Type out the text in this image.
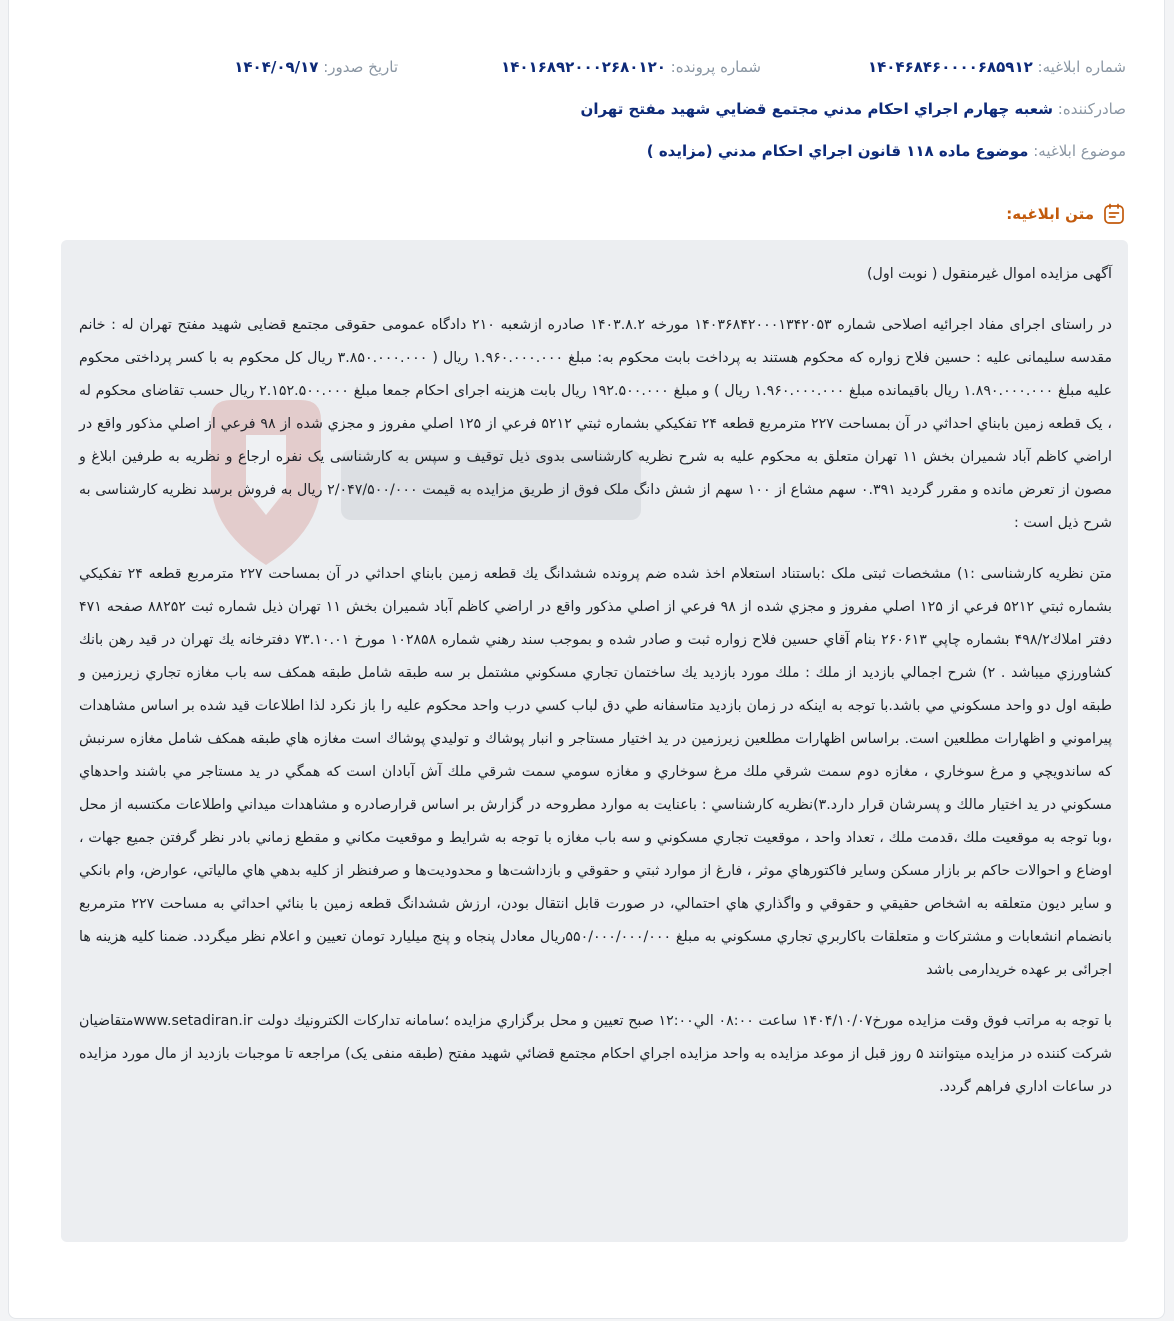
شماره ابلاغیه: ۱۴۰۴۶۸۴۶۰۰۰۰۶۸۵۹۱۲
شماره پرونده: ۱۴۰۱۶۸۹۲۰۰۰۲۶۸۰۱۲۰
تاریخ صدور: ۱۴۰۴/۰۹/۱۷
صادرکننده:

شعبه چهارم اجراي احكام مدني مجتمع قضايي شهيد مفتح تهران
موضوع ابلاغیه:

موضوع ماده ۱۱۸ قانون اجراي احكام مدني (مزايده )
متن ابلاغیه:

آگهی مزایده اموال غیرمنقول ( نوبت اول)

در راستای اجرای مفاد اجرائیه اصلاحی شماره ۱۴۰۳۶۸۴۲۰۰۰۱۳۴۲۰۵۳ مورخه ۱۴۰۳.۸.۲ صادره ازشعبه ۲۱۰ دادگاه عمومی حقوقی مجتمع قضایی شهید مفتح تهران له : خانم مقدسه سلیمانی علیه : حسین فلاح زواره که محکوم هستند به پرداخت بابت محکوم به: مبلغ ۱.۹۶۰.۰۰۰.۰۰۰ ریال ( ۳.۸۵۰.۰۰۰.۰۰۰ ریال کل محکوم به با کسر پرداختی محکوم علیه مبلغ ۱.۸۹۰.۰۰۰.۰۰۰ ریال باقیمانده مبلغ ۱.۹۶۰.۰۰۰.۰۰۰ ریال ) و مبلغ ۱۹۲.۵۰۰.۰۰۰ ریال بابت هزینه اجرای احکام جمعا مبلغ ۲.۱۵۲.۵۰۰.۰۰۰ ریال حسب تقاضای محکوم له ، یک قطعه زمین بابناي احداثي در آن بمساحت ۲۲۷ مترمربع قطعه ۲۴ تفكيكي بشماره ثبتي ۵۲۱۲ فرعي از ۱۲۵ اصلي مفروز و مجزي شده از ۹۸ فرعي از اصلي مذكور واقع در اراضي كاظم آباد شميران بخش ۱۱ تهران متعلق به محکوم علیه به شرح نظریه کارشناسی بدوی ذیل توقیف و سپس به کارشناسی یک نفره ارجاع و نظریه به طرفین ابلاغ و مصون از تعرض مانده و مقرر گردید ۰.۳۹۱ سهم مشاع از ۱۰۰ سهم از شش دانگ ملک فوق از طریق مزایده به قیمت ۲/۰۴۷/۵۰۰/۰۰۰ ریال به فروش برسد نظریه کارشناسی به شرح ذیل است :

متن نظریه کارشناسی :۱) مشخصات ثبتی ملک :باستناد استعلام اخذ شده ضم پرونده ششدانگ يك قطعه زمين بابناي احداثي در آن بمساحت ۲۲۷ مترمربع قطعه ۲۴ تفكيكي بشماره ثبتي ۵۲۱۲ فرعي از ۱۲۵ اصلي مفروز و مجزي شده از ۹۸ فرعي از اصلي مذكور واقع در اراضي كاظم آباد شميران بخش ۱۱ تهران ذيل شماره ثبت ۸۸۲۵۲ صفحه ۴۷۱ دفتر املاك۴۹۸/۲ بشماره چاپي ۲۶۰۶۱۳ بنام آقاي حسين فلاح زواره ثبت و صادر شده و بموجب سند رهني شماره ۱۰۲۸۵۸ مورخ ۷۳.۱۰.۰۱ دفترخانه يك تهران در قيد رهن بانك كشاورزي ميباشد . ۲) شرح اجمالي بازديد از ملك : ملك مورد بازديد يك ساختمان تجاري مسكوني مشتمل بر سه طبقه شامل طبقه همكف سه باب مغازه تجاري زيرزمين و طبقه اول دو واحد مسكوني مي باشد.با توجه به اينكه در زمان بازديد متاسفانه طي دق لباب كسي درب واحد محكوم عليه را باز نكرد لذا اطلاعات قيد شده بر اساس مشاهدات پيراموني و اظهارات مطلعين است. براساس اظهارات مطلعين زيرزمين در يد اختيار مستاجر و انبار پوشاك و توليدي پوشاك است مغازه هاي طبقه همكف شامل مغازه سرنبش كه ساندويچي و مرغ سوخاري ، مغازه دوم سمت شرقي ملك مرغ سوخاري و مغازه سومي سمت شرقي ملك آش آبادان است كه همگي در يد مستاجر مي باشند واحدهاي مسكوني در يد اختيار مالك و پسرشان قرار دارد.۳)نظريه كارشناسي : باعنايت به موارد مطروحه در گزارش بر اساس قرارصادره و مشاهدات ميداني واطلاعات مكتسبه از محل ،وبا توجه به موقعيت ملك ،قدمت ملك ، تعداد واحد ، موقعيت تجاري مسكوني و سه باب مغازه با توجه به شرايط و موقعيت مكاني و مقطع زماني بادر نظر گرفتن جميع جهات ، اوضاع و احوالات حاكم بر بازار مسكن وساير فاكتورهاي موثر ، فارغ از موارد ثبتي و حقوقي و بازداشت‌ها و محدوديت‌ها و صرفنظر از كليه بدهي هاي مالياتي، عوارض، وام بانكي و ساير ديون متعلقه به اشخاص حقيقي و حقوقي و واگذاري هاي احتمالي، در صورت قابل انتقال بودن، ارزش ششدانگ قطعه زمين با بنائي احداثي به مساحت ۲۲۷ مترمربع بانضمام انشعابات و مشتركات و متعلقات باكاربري تجاري مسكوني به مبلغ ۵۵۰/۰۰۰/۰۰۰/۰۰۰ريال معادل پنجاه و پنج ميليارد تومان تعيين و اعلام نظر ميگردد. ضمنا كليه هزينه ها اجرائی بر عهده خریدارمی باشد

با توجه به مراتب فوق وقت مزايده مورخ۱۴۰۴/۱۰/۰۷ ساعت ۰۸:۰۰ الي۱۲:۰۰ صبح تعيين و محل برگزاري مزايده ؛سامانه تداركات الكترونيك دولت www.setadiran.irمتقاضيان شركت كننده در مزايده ميتوانند ۵ روز قبل از موعد مزايده به واحد مزايده اجراي احكام مجتمع قضائي شهيد مفتح (طبقه منفی یک) مراجعه تا موجبات بازديد از مال مورد مزايده در ساعات اداري فراهم گردد.
